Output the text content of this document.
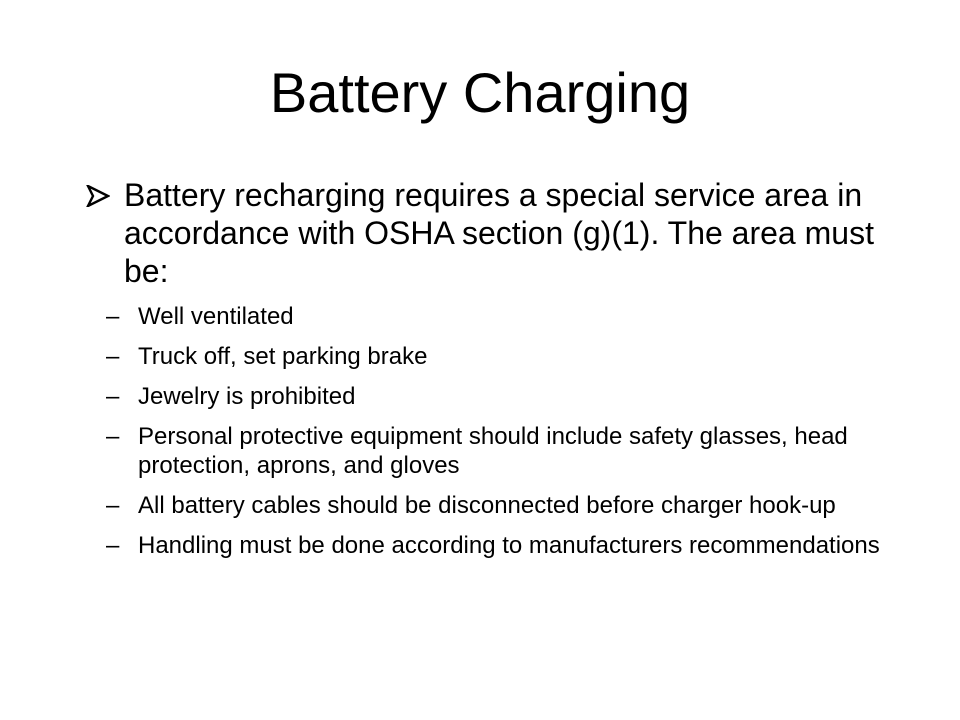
Battery Charging
Battery recharging requires a special service area in accordance with OSHA section (g)(1). The area must be:
– Well ventilated
– Truck off, set parking brake
– Jewelry is prohibited
– Personal protective equipment should include safety glasses, head protection, aprons, and gloves
– All battery cables should be disconnected before charger hook-up
– Handling must be done according to manufacturers recommendations
